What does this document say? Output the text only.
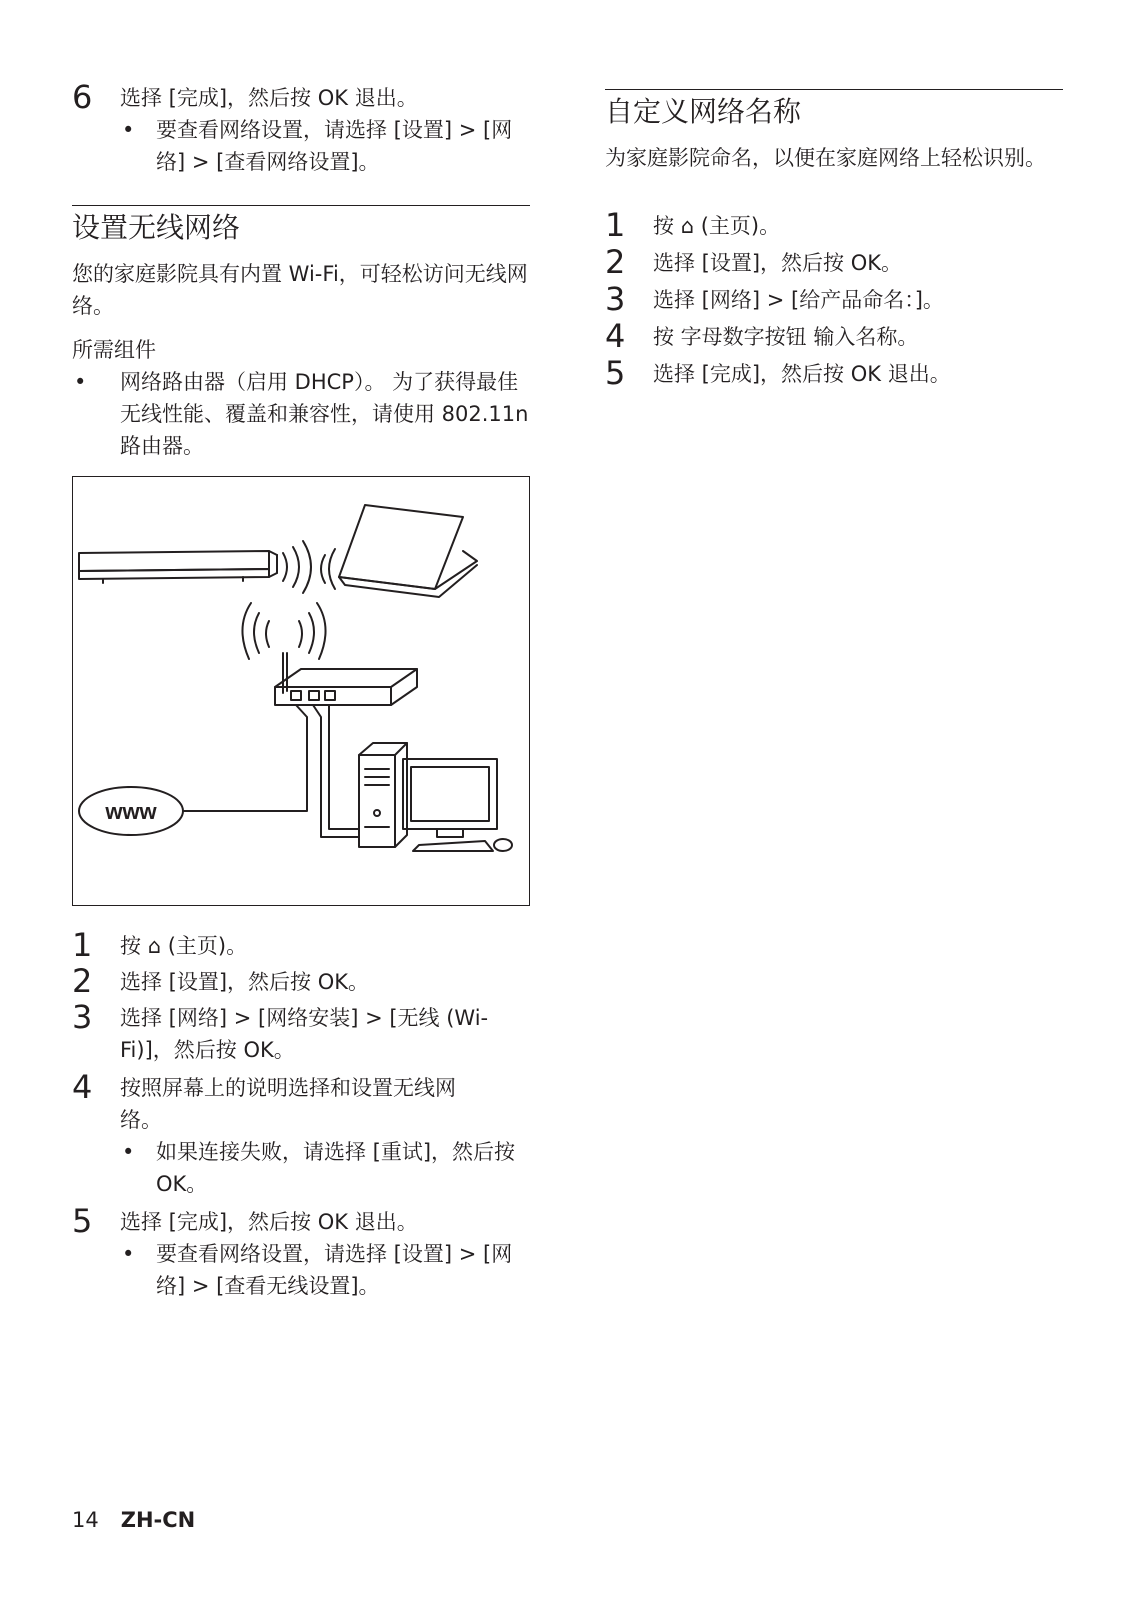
6 选择 [完成]，然后按 OK 退出。
• 要查看网络设置，请选择 [设置] > [网络] > [查看网络设置]。
设置无线网络
您的家庭影院具有内置 Wi-Fi，可轻松访问无线网络。
所需组件
• 网络路由器（启用 DHCP）。 为了获得最佳无线性能、覆盖和兼容性，请使用 802.11n 路由器。
www
1 按 ⌂ (主页)。
2 选择 [设置]，然后按 OK。
3 选择 [网络] > [网络安装] > [无线 (Wi-Fi)]，然后按 OK。
4 按照屏幕上的说明选择和设置无线网络。
• 如果连接失败，请选择 [重试]，然后按 OK。
5 选择 [完成]，然后按 OK 退出。
• 要查看网络设置，请选择 [设置] > [网络] > [查看无线设置]。
自定义网络名称
为家庭影院命名，以便在家庭网络上轻松识别。
1 按 ⌂ (主页)。
2 选择 [设置]，然后按 OK。
3 选择 [网络] > [给产品命名：]。
4 按 字母数字按钮 输入名称。
5 选择 [完成]，然后按 OK 退出。
14 ZH-CN
